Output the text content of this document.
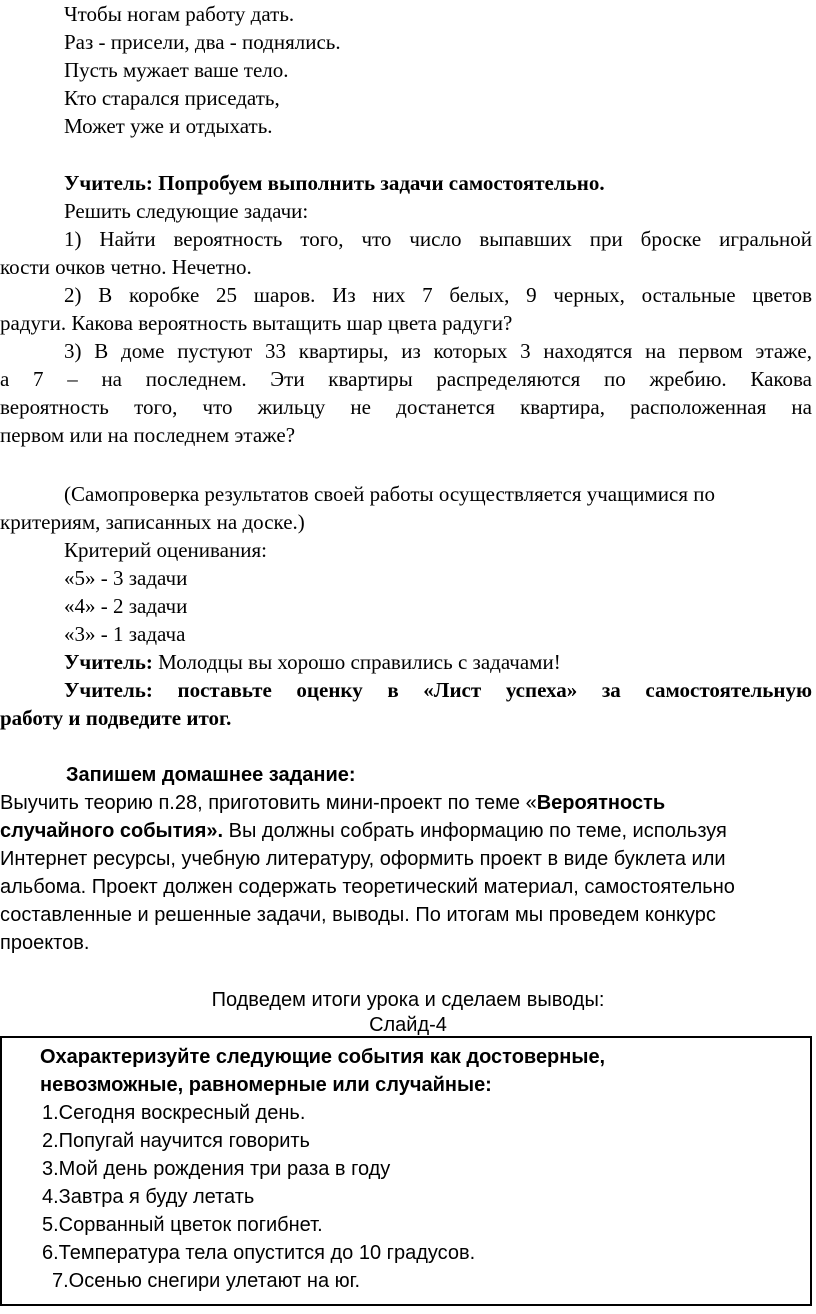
Чтобы ногам работу дать.
Раз - присели, два - поднялись.
Пусть мужает ваше тело.
Кто старался приседать,
Может уже и отдыхать.
Учитель: Попробуем выполнить задачи самостоятельно.
Решить следующие задачи:
1) Найти вероятность того, что число выпавших при броске игральной
кости очков четно. Нечетно.
2) В коробке 25 шаров. Из них 7 белых, 9 черных, остальные цветов
радуги. Какова вероятность вытащить шар цвета радуги?
3) В доме пустуют 33 квартиры, из которых 3 находятся на первом этаже,
а 7 – на последнем. Эти квартиры распределяются по жребию. Какова
вероятность того, что жильцу не достанется квартира, расположенная на
первом или на последнем этаже?
(Самопроверка результатов своей работы осуществляется учащимися по
критериям, записанных на доске.)
Критерий оценивания:
«5» - 3 задачи
«4» - 2 задачи
«3» - 1 задача
Учитель: Молодцы вы хорошо справились с задачами!
Учитель: поставьте оценку в «Лист успеха» за самостоятельную
работу и подведите итог.
Запишем домашнее задание:
Выучить теорию п.28, приготовить мини-проект по теме «Вероятность
случайного события». Вы должны собрать информацию по теме, используя
Интернет ресурсы, учебную литературу, оформить проект в виде буклета или
альбома. Проект должен содержать теоретический материал, самостоятельно
составленные и решенные задачи, выводы. По итогам мы проведем конкурс
проектов.
Подведем итоги урока и сделаем выводы:
Слайд-4
Охарактеризуйте следующие события как достоверные,
невозможные, равномерные или случайные:
1.Сегодня воскресный день.
2.Попугай научится говорить
3.Мой день рождения три раза в году
4.Завтра я буду летать
5.Сорванный цветок погибнет.
6.Температура тела опустится до 10 градусов.
7.Осенью снегири улетают на юг.
